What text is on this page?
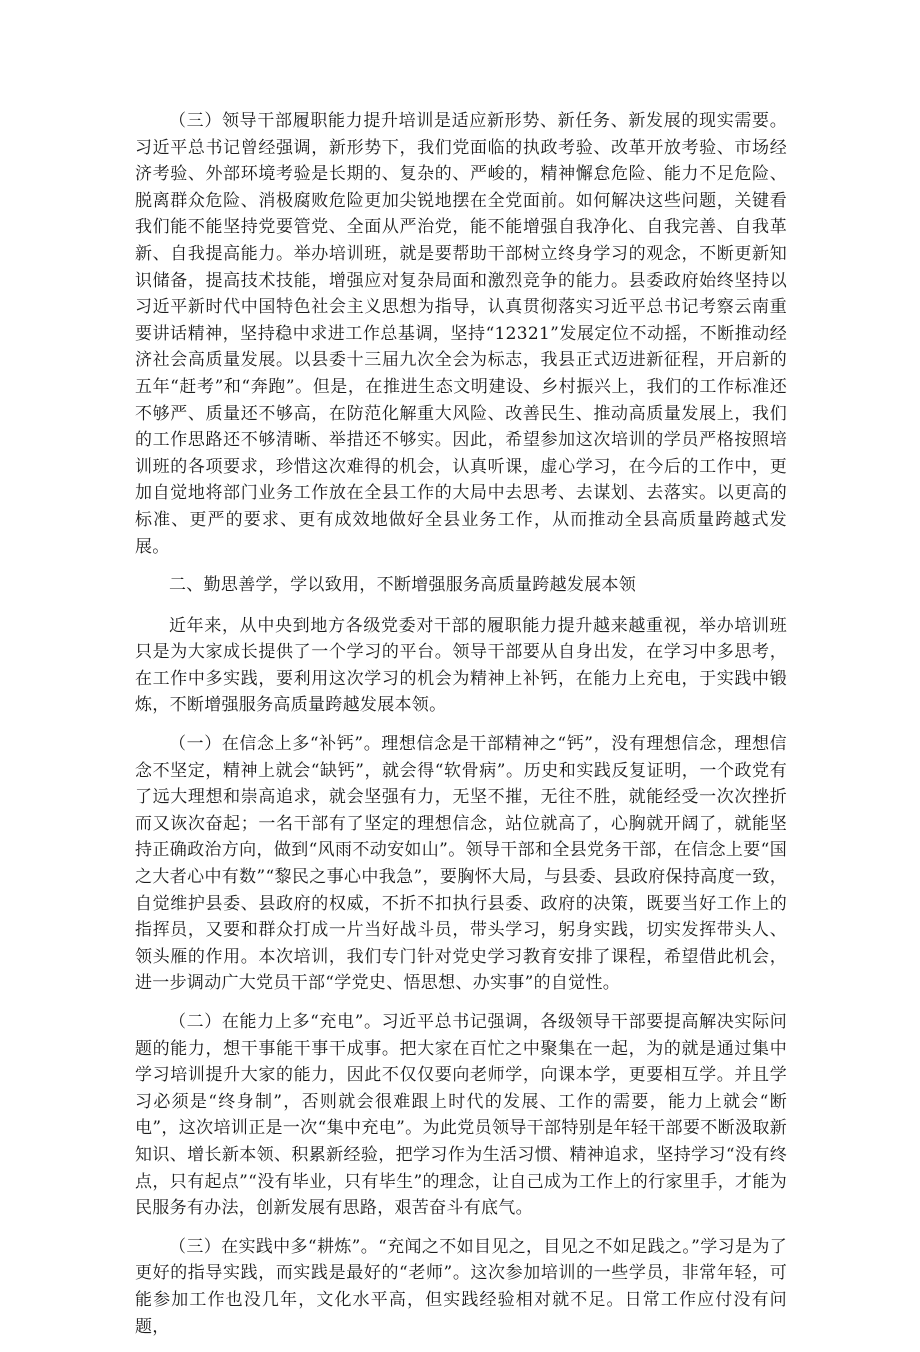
（三）领导干部履职能力提升培训是适应新形势、新任务、新发展的现实需要。习近平总书记曾经强调，新形势下，我们党面临的执政考验、改革开放考验、市场经济考验、外部环境考验是长期的、复杂的、严峻的，精神懈怠危险、能力不足危险、脱离群众危险、消极腐败危险更加尖锐地摆在全党面前。如何解决这些问题，关键看我们能不能坚持党要管党、全面从严治党，能不能增强自我净化、自我完善、自我革新、自我提高能力。举办培训班，就是要帮助干部树立终身学习的观念，不断更新知识储备，提高技术技能，增强应对复杂局面和激烈竞争的能力。县委政府始终坚持以习近平新时代中国特色社会主义思想为指导，认真贯彻落实习近平总书记考察云南重要讲话精神，坚持稳中求进工作总基调，坚持“12321”发展定位不动摇，不断推动经济社会高质量发展。以县委十三届九次全会为标志，我县正式迈进新征程，开启新的五年“赶考”和“奔跑”。但是，在推进生态文明建设、乡村振兴上，我们的工作标准还不够严、质量还不够高，在防范化解重大风险、改善民生、推动高质量发展上，我们的工作思路还不够清晰、举措还不够实。因此，希望参加这次培训的学员严格按照培训班的各项要求，珍惜这次难得的机会，认真听课，虚心学习，在今后的工作中，更加自觉地将部门业务工作放在全县工作的大局中去思考、去谋划、去落实。以更高的标准、更严的要求、更有成效地做好全县业务工作，从而推动全县高质量跨越式发展。

二、勤思善学，学以致用，不断增强服务高质量跨越发展本领

近年来，从中央到地方各级党委对干部的履职能力提升越来越重视，举办培训班只是为大家成长提供了一个学习的平台。领导干部要从自身出发，在学习中多思考，在工作中多实践，要利用这次学习的机会为精神上补钙，在能力上充电，于实践中锻炼，不断增强服务高质量跨越发展本领。

（一）在信念上多“补钙”。理想信念是干部精神之“钙”，没有理想信念，理想信念不坚定，精神上就会“缺钙”，就会得“软骨病”。历史和实践反复证明，一个政党有了远大理想和崇高追求，就会坚强有力，无坚不摧，无往不胜，就能经受一次次挫折而又诙次奋起；一名干部有了坚定的理想信念，站位就高了，心胸就开阔了，就能坚持正确政治方向，做到“风雨不动安如山”。领导干部和全县党务干部，在信念上要“国之大者心中有数”“黎民之事心中我急”，要胸怀大局，与县委、县政府保持高度一致，自觉维护县委、县政府的权威，不折不扣执行县委、政府的决策，既要当好工作上的指挥员，又要和群众打成一片当好战斗员，带头学习，躬身实践，切实发挥带头人、领头雁的作用。本次培训，我们专门针对党史学习教育安排了课程，希望借此机会，进一步调动广大党员干部“学党史、悟思想、办实事”的自觉性。

（二）在能力上多“充电”。习近平总书记强调，各级领导干部要提高解决实际问题的能力，想干事能干事干成事。把大家在百忙之中聚集在一起，为的就是通过集中学习培训提升大家的能力，因此不仅仅要向老师学，向课本学，更要相互学。并且学习必须是“终身制”，否则就会很难跟上时代的发展、工作的需要，能力上就会“断电”，这次培训正是一次“集中充电”。为此党员领导干部特别是年轻干部要不断汲取新知识、增长新本领、积累新经验，把学习作为生活习惯、精神追求，坚持学习“没有终点，只有起点”“没有毕业，只有毕生”的理念，让自己成为工作上的行家里手，才能为民服务有办法，创新发展有思路，艰苦奋斗有底气。

（三）在实践中多“耕炼”。“充闻之不如目见之，目见之不如足践之。”学习是为了更好的指导实践，而实践是最好的“老师”。这次参加培训的一些学员，非常年轻，可能参加工作也没几年，文化水平高，但实践经验相对就不足。日常工作应付没有问题，
